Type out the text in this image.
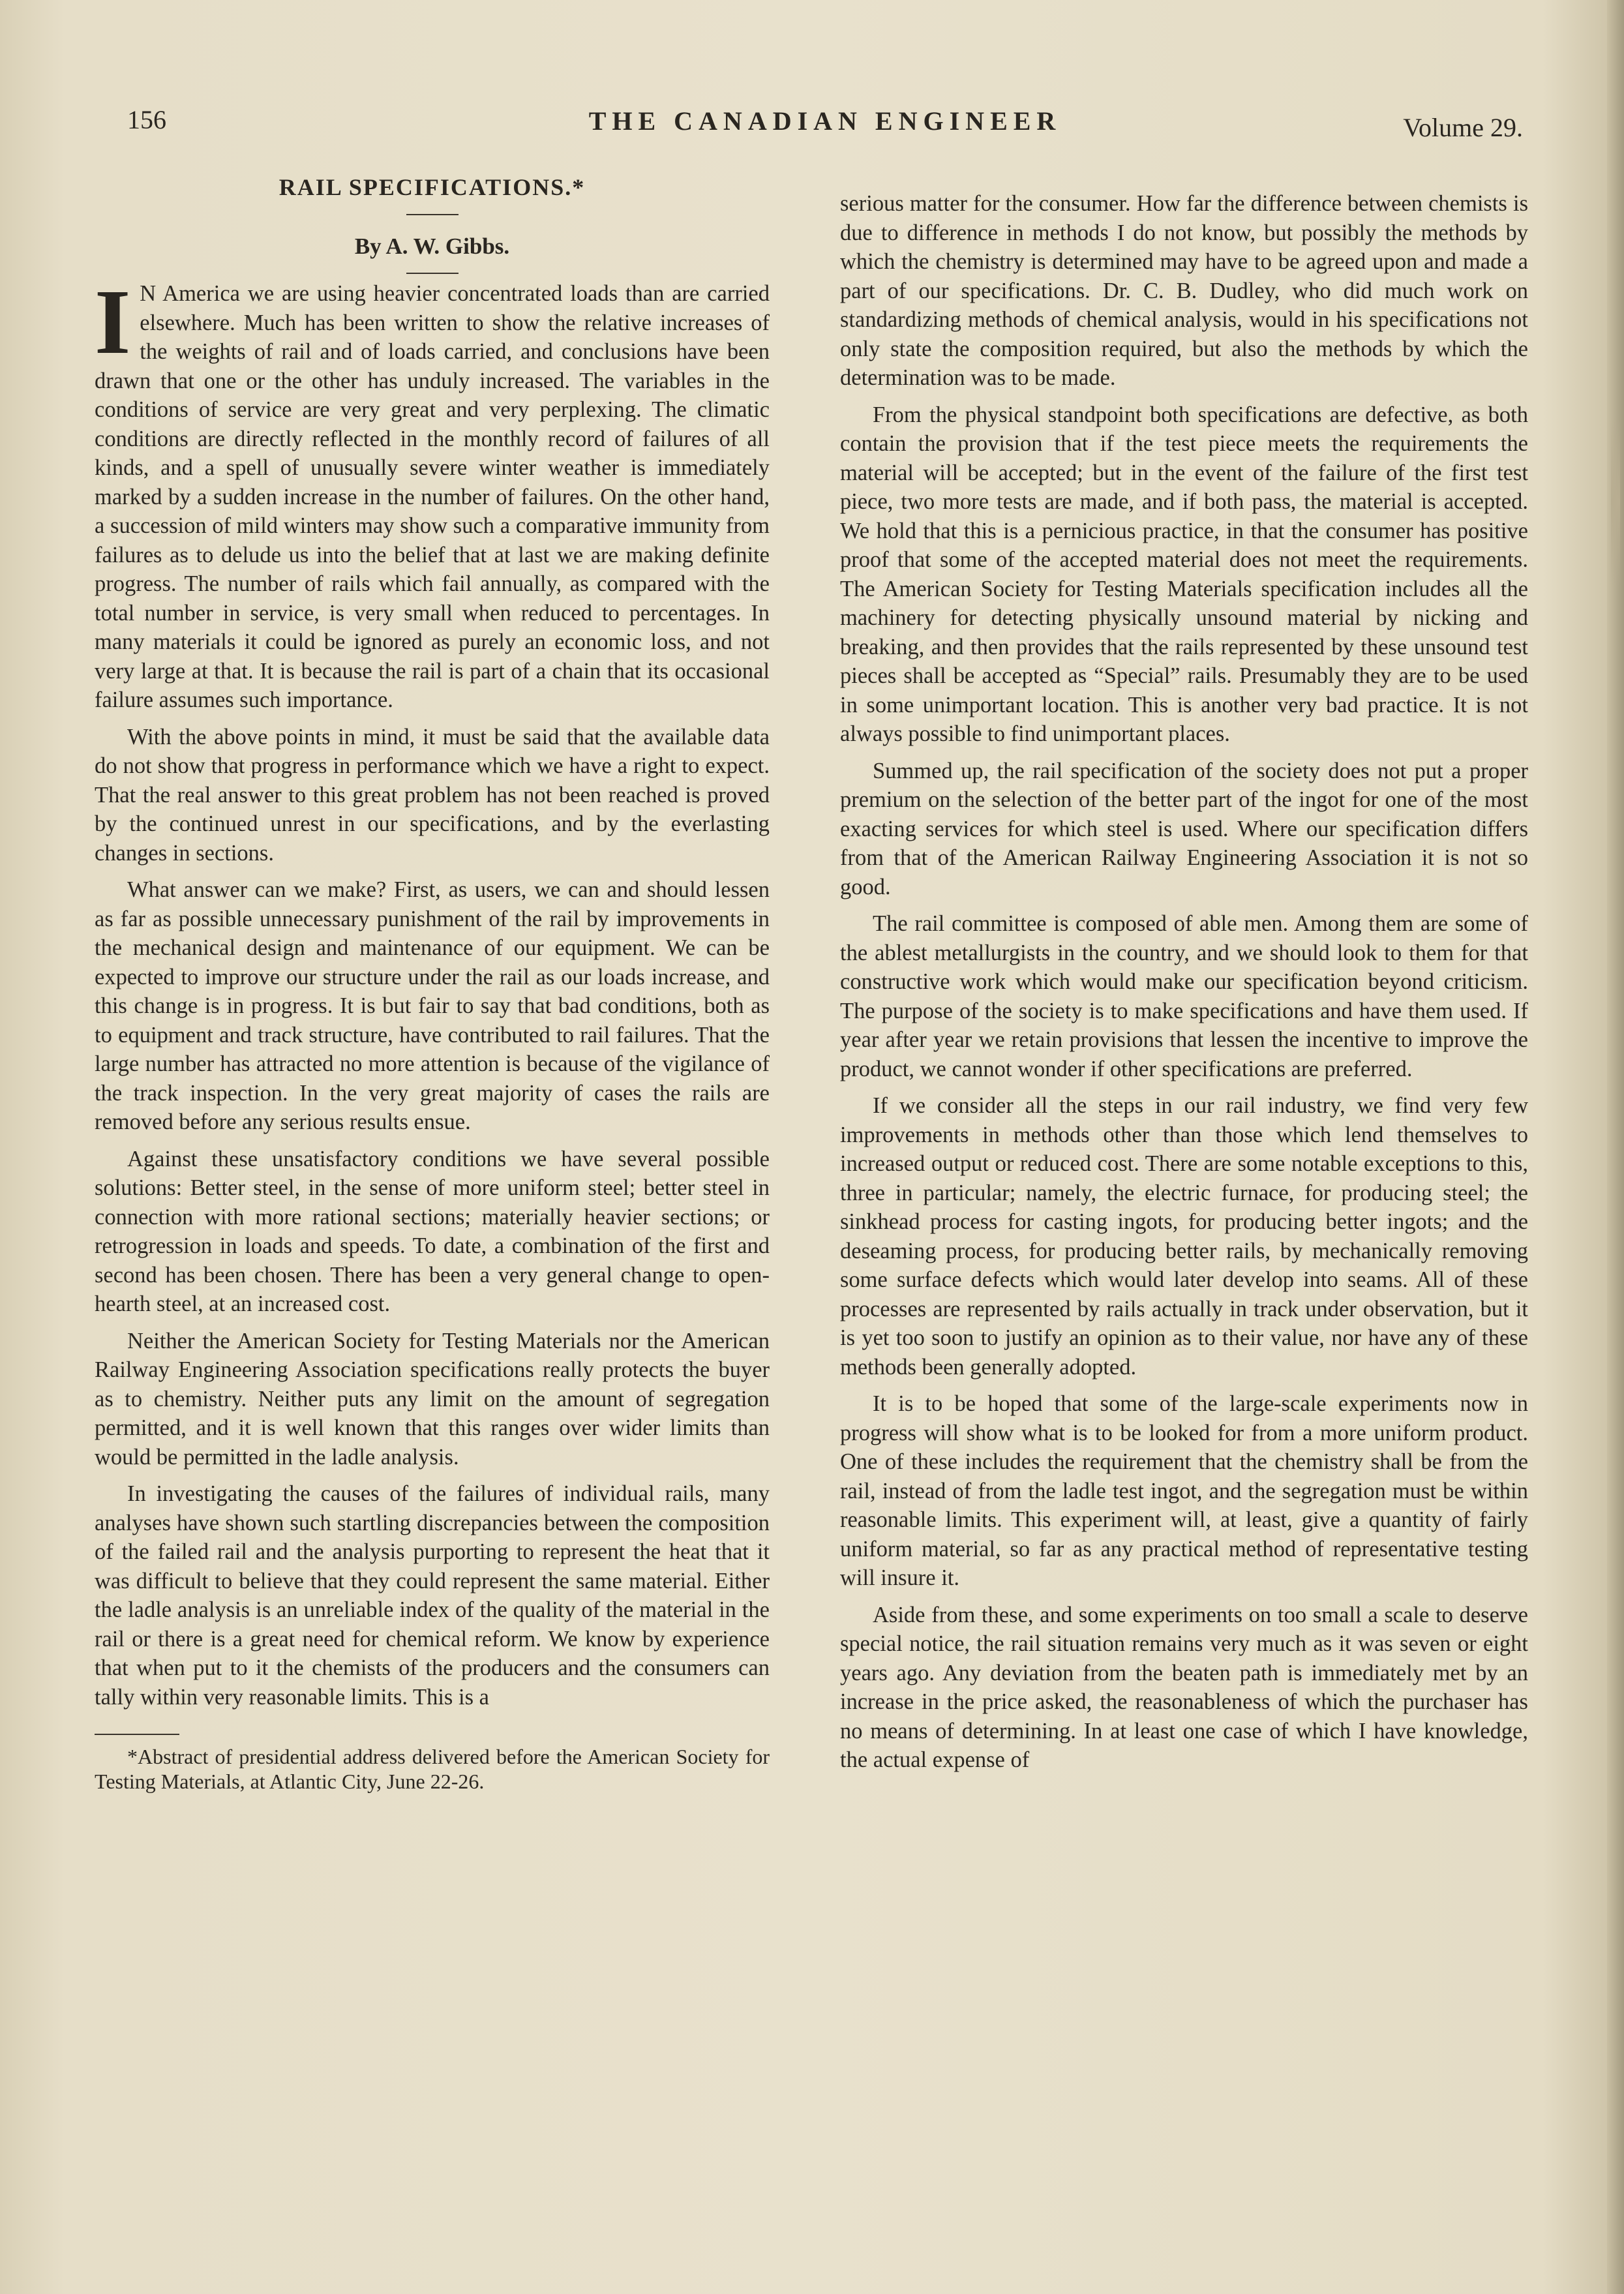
156	THE CANADIAN ENGINEER	Volume 29.
RAIL SPECIFICATIONS.*
By A. W. Gibbs.

I N America we are using heavier concentrated loads than are carried elsewhere. Much has been written to show the relative increases of the weights of rail and of loads carried, and conclusions have been drawn that one or the other has unduly increased. The variables in the conditions of service are very great and very perplexing. The climatic conditions are directly reflected in the monthly record of failures of all kinds, and a spell of unusually severe winter weather is immediately marked by a sudden increase in the number of failures. On the other hand, a succession of mild winters may show such a comparative immunity from failures as to delude us into the belief that at last we are making definite progress. The number of rails which fail annually, as compared with the total number in service, is very small when reduced to percentages. In many materials it could be ignored as purely an economic loss, and not very large at that. It is because the rail is part of a chain that its occasional failure assumes such importance.

With the above points in mind, it must be said that the available data do not show that progress in performance which we have a right to expect. That the real answer to this great problem has not been reached is proved by the continued unrest in our specifications, and by the everlasting changes in sections.

What answer can we make? First, as users, we can and should lessen as far as possible unnecessary punishment of the rail by improvements in the mechanical design and maintenance of our equipment. We can be expected to improve our structure under the rail as our loads increase, and this change is in progress. It is but fair to say that bad conditions, both as to equipment and track structure, have contributed to rail failures. That the large number has attracted no more attention is because of the vigilance of the track inspection. In the very great majority of cases the rails are removed before any serious results ensue.

Against these unsatisfactory conditions we have several possible solutions: Better steel, in the sense of more uniform steel; better steel in connection with more rational sections; materially heavier sections; or retrogression in loads and speeds. To date, a combination of the first and second has been chosen. There has been a very general change to open-hearth steel, at an increased cost.

Neither the American Society for Testing Materials nor the American Railway Engineering Association specifications really protects the buyer as to chemistry. Neither puts any limit on the amount of segregation permitted, and it is well known that this ranges over wider limits than would be permitted in the ladle analysis.

In investigating the causes of the failures of individual rails, many analyses have shown such startling discrepancies between the composition of the failed rail and the analysis purporting to represent the heat that it was difficult to believe that they could represent the same material. Either the ladle analysis is an unreliable index of the quality of the material in the rail or there is a great need for chemical reform. We know by experience that when put to it the chemists of the producers and the consumers can tally within very reasonable limits. This is a

*Abstract of presidential address delivered before the American Society for Testing Materials, at Atlantic City, June 22-26.

serious matter for the consumer. How far the difference between chemists is due to difference in methods I do not know, but possibly the methods by which the chemistry is determined may have to be agreed upon and made a part of our specifications. Dr. C. B. Dudley, who did much work on standardizing methods of chemical analysis, would in his specifications not only state the composition required, but also the methods by which the determination was to be made.

From the physical standpoint both specifications are defective, as both contain the provision that if the test piece meets the requirements the material will be accepted; but in the event of the failure of the first test piece, two more tests are made, and if both pass, the material is accepted. We hold that this is a pernicious practice, in that the consumer has positive proof that some of the accepted material does not meet the requirements. The American Society for Testing Materials specification includes all the machinery for detecting physically unsound material by nicking and breaking, and then provides that the rails represented by these unsound test pieces shall be accepted as “Special” rails. Presumably they are to be used in some unimportant location. This is another very bad practice. It is not always possible to find unimportant places.

Summed up, the rail specification of the society does not put a proper premium on the selection of the better part of the ingot for one of the most exacting services for which steel is used. Where our specification differs from that of the American Railway Engineering Association it is not so good.

The rail committee is composed of able men. Among them are some of the ablest metallurgists in the country, and we should look to them for that constructive work which would make our specification beyond criticism. The purpose of the society is to make specifications and have them used. If year after year we retain provisions that lessen the incentive to improve the product, we cannot wonder if other specifications are preferred.

If we consider all the steps in our rail industry, we find very few improvements in methods other than those which lend themselves to increased output or reduced cost. There are some notable exceptions to this, three in particular; namely, the electric furnace, for producing steel; the sinkhead process for casting ingots, for producing better ingots; and the deseaming process, for producing better rails, by mechanically removing some surface defects which would later develop into seams. All of these processes are represented by rails actually in track under observation, but it is yet too soon to justify an opinion as to their value, nor have any of these methods been generally adopted.

It is to be hoped that some of the large-scale experiments now in progress will show what is to be looked for from a more uniform product. One of these includes the requirement that the chemistry shall be from the rail, instead of from the ladle test ingot, and the segregation must be within reasonable limits. This experiment will, at least, give a quantity of fairly uniform material, so far as any practical method of representative testing will insure it.

Aside from these, and some experiments on too small a scale to deserve special notice, the rail situation remains very much as it was seven or eight years ago. Any deviation from the beaten path is immediately met by an increase in the price asked, the reasonableness of which the purchaser has no means of determining. In at least one case of which I have knowledge, the actual expense of
